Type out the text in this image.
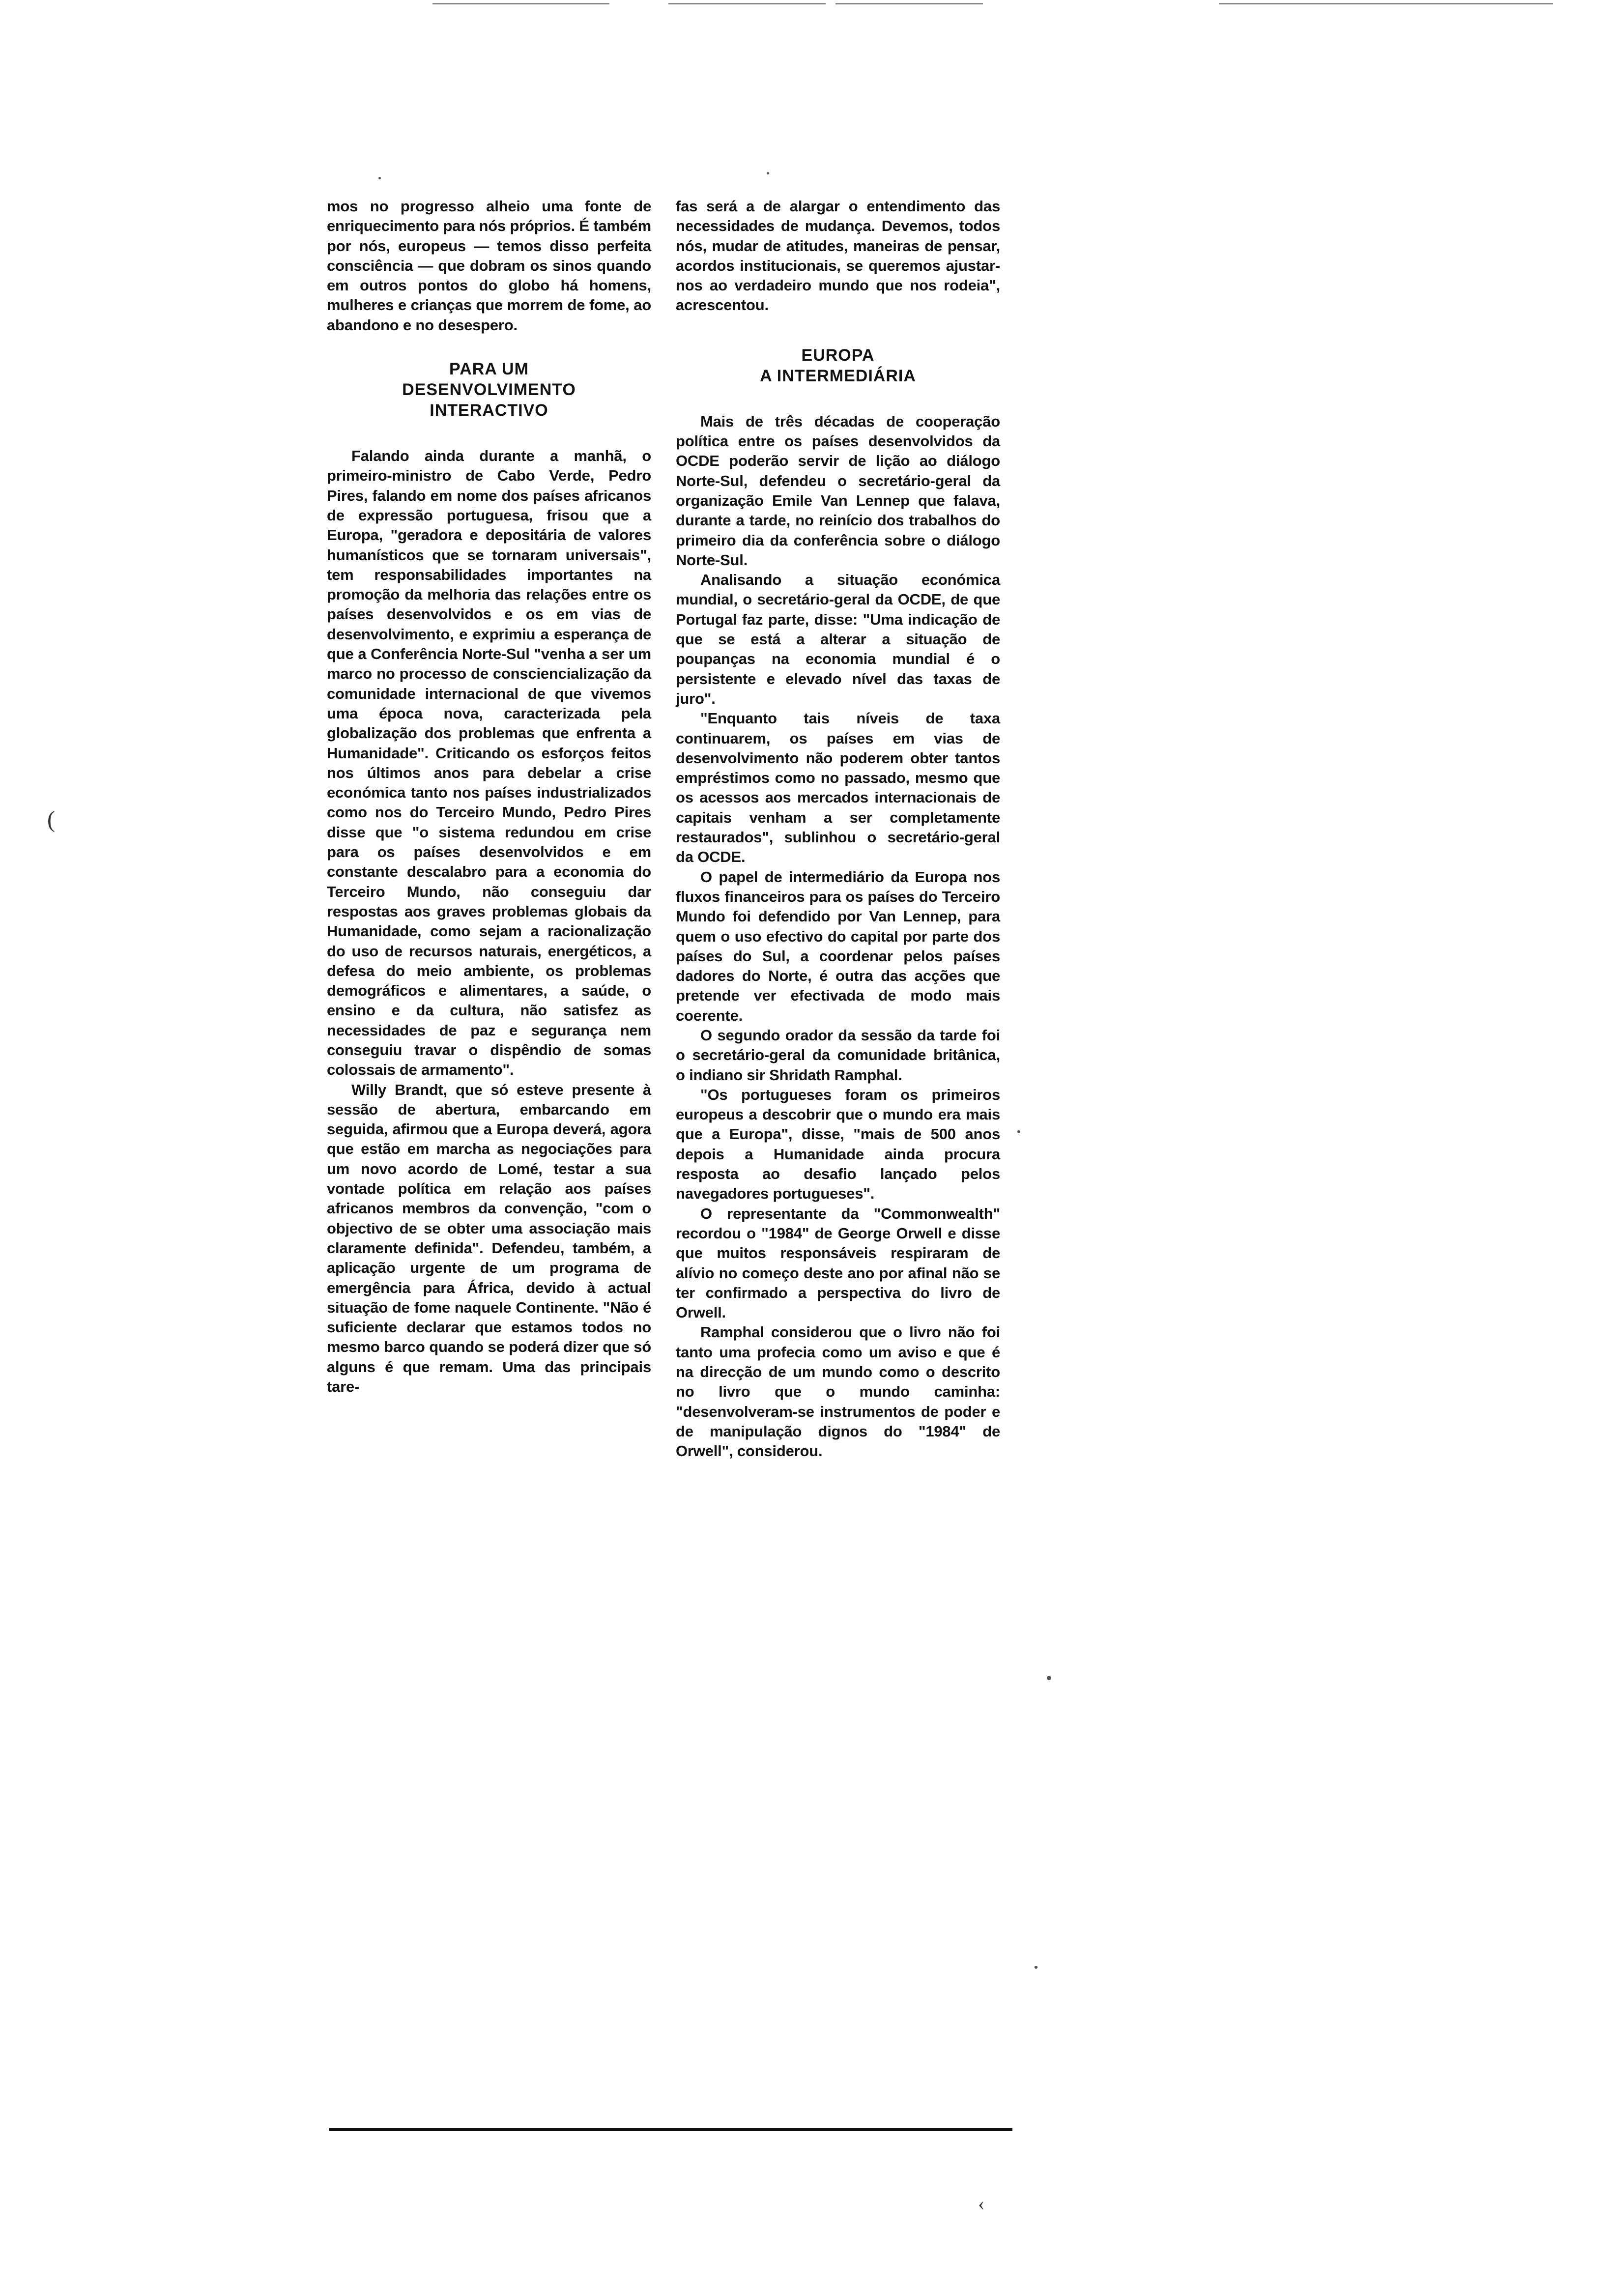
(
‹

mos no progresso alheio uma fonte de enriquecimento para nós próprios. É também por nós, europeus — temos disso perfeita consciência — que dobram os sinos quando em outros pontos do globo há homens, mulheres e crianças que morrem de fome, ao abandono e no desespero.

PARA UM
DESENVOLVIMENTO
INTERACTIVO

Falando ainda durante a manhã, o primeiro-ministro de Cabo Verde, Pedro Pires, falando em nome dos países africanos de expressão portuguesa, frisou que a Europa, "geradora e depositária de valores humanísticos que se tornaram universais", tem responsabilidades importantes na promoção da melhoria das relações entre os países desenvolvidos e os em vias de desenvolvimento, e exprimiu a esperança de que a Conferência Norte-Sul "venha a ser um marco no processo de consciencialização da comunidade internacional de que vivemos uma época nova, caracterizada pela globalização dos problemas que enfrenta a Humanidade". Criticando os esforços feitos nos últimos anos para debelar a crise económica tanto nos países industrializados como nos do Terceiro Mundo, Pedro Pires disse que "o sistema redundou em crise para os países desenvolvidos e em constante descalabro para a economia do Terceiro Mundo, não conseguiu dar respostas aos graves problemas globais da Humanidade, como sejam a racionalização do uso de recursos naturais, energéticos, a defesa do meio ambiente, os problemas demográficos e alimentares, a saúde, o ensino e da cultura, não satisfez as necessidades de paz e segurança nem conseguiu travar o dispêndio de somas colossais de armamento".

Willy Brandt, que só esteve presente à sessão de abertura, embarcando em seguida, afirmou que a Europa deverá, agora que estão em marcha as negociações para um novo acordo de Lomé, testar a sua vontade política em relação aos países africanos membros da convenção, "com o objectivo de se obter uma associação mais claramente definida". Defendeu, também, a aplicação urgente de um programa de emergência para África, devido à actual situação de fome naquele Continente. "Não é suficiente declarar que estamos todos no mesmo barco quando se poderá dizer que só alguns é que remam. Uma das principais tare-

fas será a de alargar o entendimento das necessidades de mudança. Devemos, todos nós, mudar de atitudes, maneiras de pensar, acordos institucionais, se queremos ajustar-nos ao verdadeiro mundo que nos rodeia", acrescentou.

EUROPA
A INTERMEDIÁRIA

Mais de três décadas de cooperação política entre os países desenvolvidos da OCDE poderão servir de lição ao diálogo Norte-Sul, defendeu o secretário-geral da organização Emile Van Lennep que falava, durante a tarde, no reinício dos trabalhos do primeiro dia da conferência sobre o diálogo Norte-Sul.

Analisando a situação económica mundial, o secretário-geral da OCDE, de que Portugal faz parte, disse: "Uma indicação de que se está a alterar a situação de poupanças na economia mundial é o persistente e elevado nível das taxas de juro".

"Enquanto tais níveis de taxa continuarem, os países em vias de desenvolvimento não poderem obter tantos empréstimos como no passado, mesmo que os acessos aos mercados internacionais de capitais venham a ser completamente restaurados", sublinhou o secretário-geral da OCDE.

O papel de intermediário da Europa nos fluxos financeiros para os países do Terceiro Mundo foi defendido por Van Lennep, para quem o uso efectivo do capital por parte dos países do Sul, a coordenar pelos países dadores do Norte, é outra das acções que pretende ver efectivada de modo mais coerente.

O segundo orador da sessão da tarde foi o secretário-geral da comunidade britânica, o indiano sir Shridath Ramphal.

"Os portugueses foram os primeiros europeus a descobrir que o mundo era mais que a Europa", disse, "mais de 500 anos depois a Humanidade ainda procura resposta ao desafio lançado pelos navegadores portugueses".

O representante da "Commonwealth" recordou o "1984" de George Orwell e disse que muitos responsáveis respiraram de alívio no começo deste ano por afinal não se ter confirmado a perspectiva do livro de Orwell.

Ramphal considerou que o livro não foi tanto uma profecia como um aviso e que é na direcção de um mundo como o descrito no livro que o mundo caminha: "desenvolveram-se instrumentos de poder e de manipulação dignos do "1984" de Orwell", considerou.
